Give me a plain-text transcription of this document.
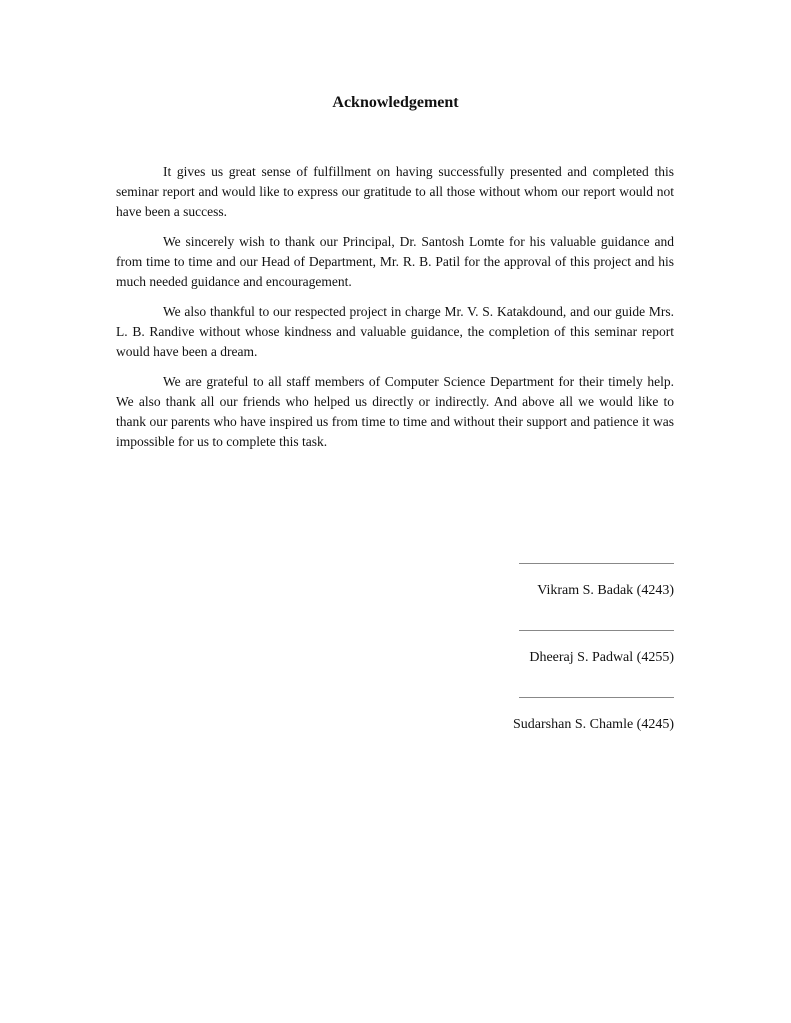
Acknowledgement

It gives us great sense of fulfillment on having successfully presented and completed this seminar report and would like to express our gratitude to all those without whom our report would not have been a success.

We sincerely wish to thank our Principal, Dr. Santosh Lomte for his valuable guidance and from time to time and our Head of Department, Mr. R. B. Patil for the approval of this project and his much needed guidance and encouragement.

We also thankful to our respected project in charge Mr. V. S. Katakdound, and our guide Mrs. L. B. Randive without whose kindness and valuable guidance, the completion of this seminar report would have been a dream.

We are grateful to all staff members of Computer Science Department for their timely help. We also thank all our friends who helped us directly or indirectly. And above all we would like to thank our parents who have inspired us from time to time and without their support and patience it was impossible for us to complete this task.

Vikram S. Badak (4243)
Dheeraj S. Padwal (4255)
Sudarshan S. Chamle (4245)
